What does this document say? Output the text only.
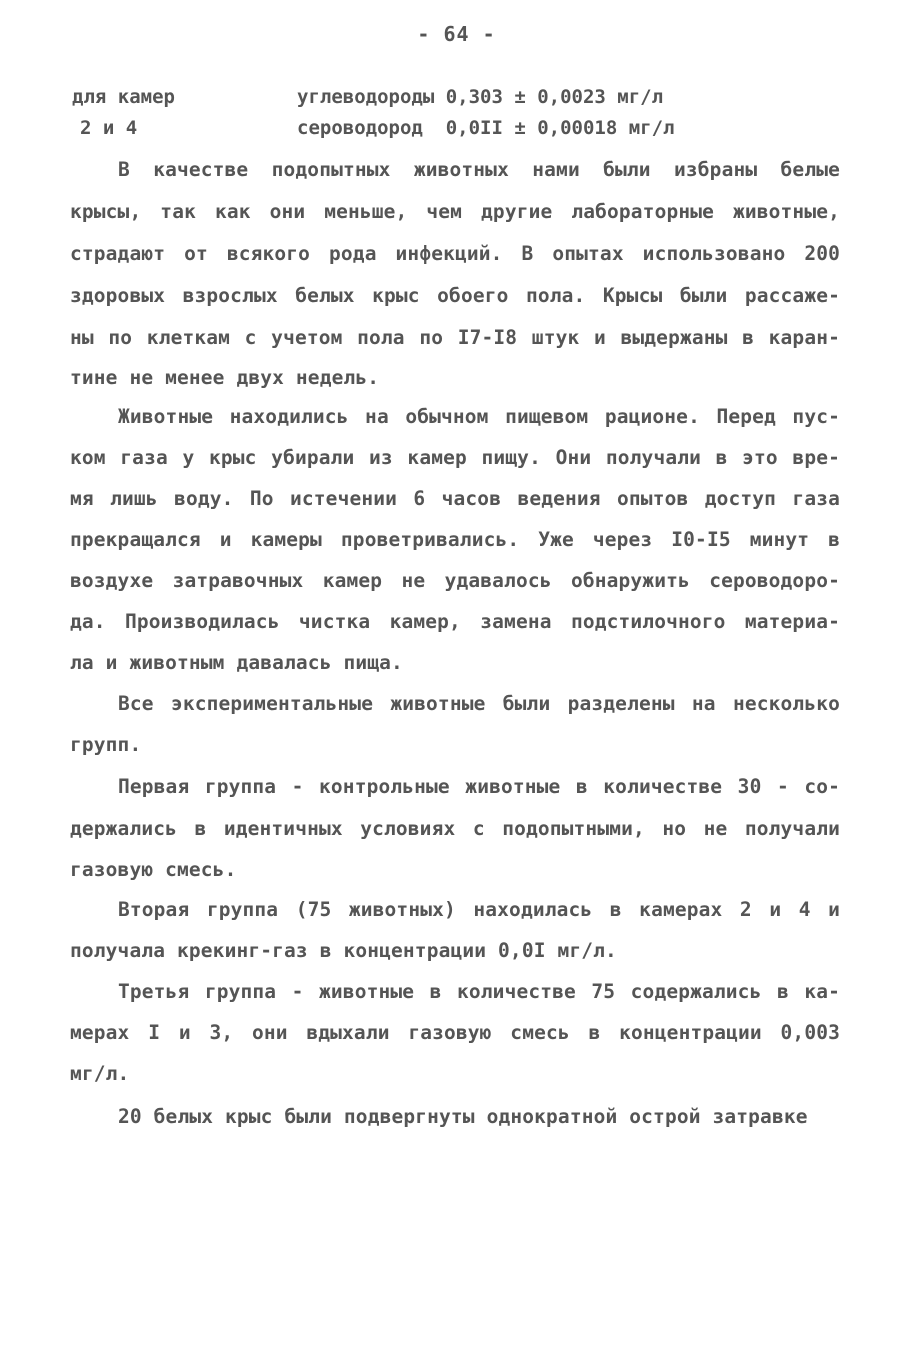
- 64 -
для камер
2 и 4
углеводороды 0,303 ± 0,0023 мг/л
сероводород  0,0II ± 0,00018 мг/л
В качестве подопытных животных нами были избраны белые
крысы, так как они меньше, чем другие лабораторные животные,
страдают от всякого рода инфекций. В опытах использовано 200
здоровых взрослых белых крыс обоего пола. Крысы были рассаже-
ны по клеткам с учетом пола по I7-I8 штук и выдержаны в каран-
тине не менее двух недель.
Животные находились на обычном пищевом рационе. Перед пус-
ком газа у крыс убирали из камер пищу. Они получали в это вре-
мя лишь воду. По истечении 6 часов ведения опытов доступ газа
прекращался и камеры проветривались. Уже через I0-I5 минут в
воздухе затравочных камер не удавалось обнаружить сероводоро-
да. Производилась чистка камер, замена подстилочного материа-
ла и животным давалась пища.
Все экспериментальные животные были разделены на несколько
групп.
Первая группа - контрольные животные в количестве 30 - со-
держались в идентичных условиях с подопытными, но не получали
газовую смесь.
Вторая группа (75 животных) находилась в камерах 2 и 4 и
получала крекинг-газ в концентрации 0,0I мг/л.
Третья группа - животные в количестве 75 содержались в ка-
мерах I и 3, они вдыхали газовую смесь в концентрации 0,003
мг/л.
20 белых крыс были подвергнуты однократной острой затравке
